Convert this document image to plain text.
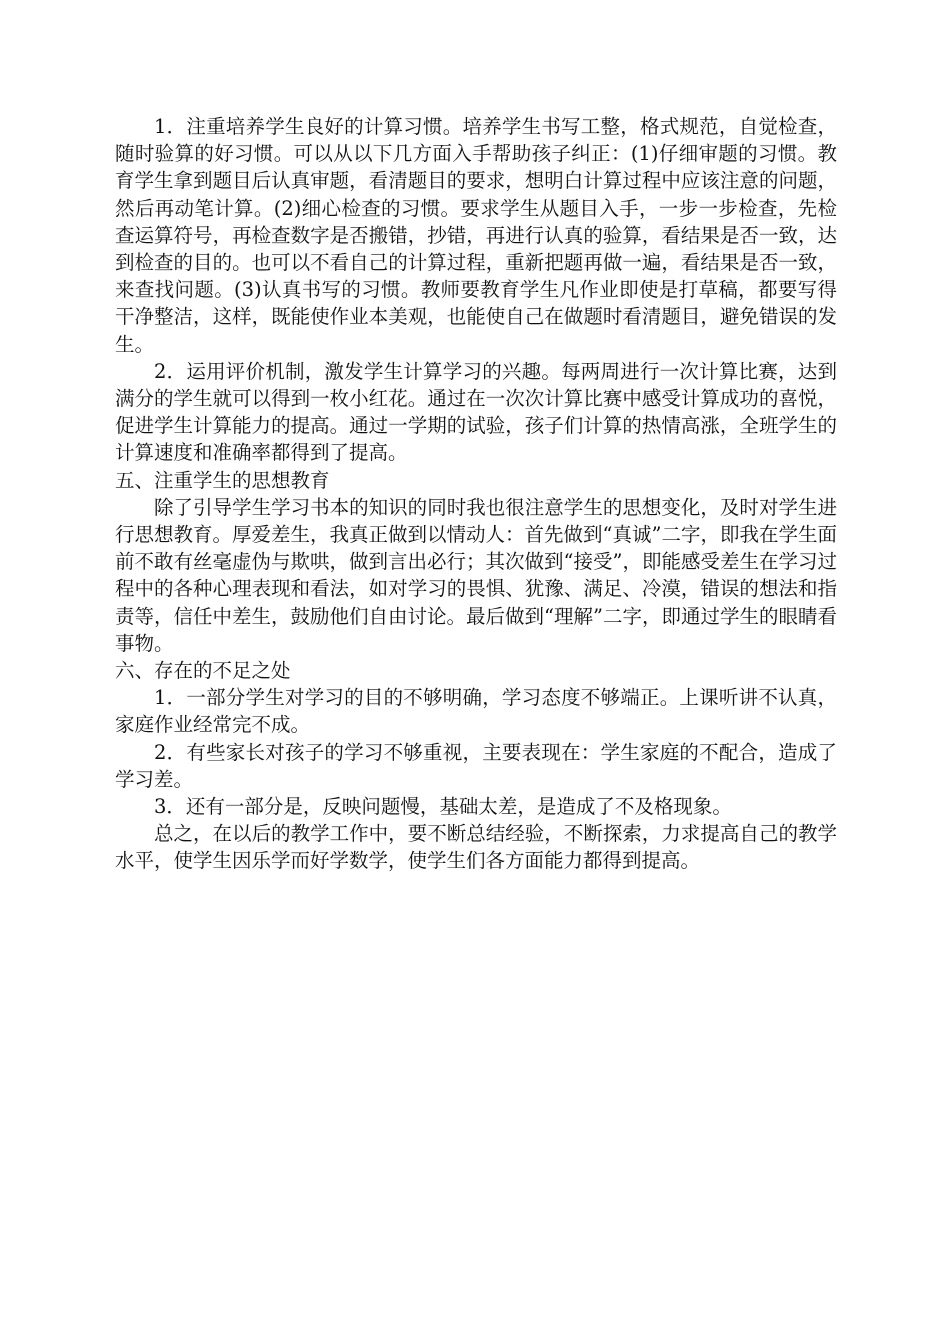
1．注重培养学生良好的计算习惯。培养学生书写工整，格式规范，自觉检查，随时验算的好习惯。可以从以下几方面入手帮助孩子纠正：(1)仔细审题的习惯。教育学生拿到题目后认真审题，看清题目的要求，想明白计算过程中应该注意的问题，然后再动笔计算。(2)细心检查的习惯。要求学生从题目入手，一步一步检查，先检查运算符号，再检查数字是否搬错，抄错，再进行认真的验算，看结果是否一致，达到检查的目的。也可以不看自己的计算过程，重新把题再做一遍，看结果是否一致，来查找问题。(3)认真书写的习惯。教师要教育学生凡作业即使是打草稿，都要写得干净整洁，这样，既能使作业本美观，也能使自己在做题时看清题目，避免错误的发生。

2．运用评价机制，激发学生计算学习的兴趣。每两周进行一次计算比赛，达到满分的学生就可以得到一枚小红花。通过在一次次计算比赛中感受计算成功的喜悦，促进学生计算能力的提高。通过一学期的试验，孩子们计算的热情高涨，全班学生的计算速度和准确率都得到了提高。

五、注重学生的思想教育

除了引导学生学习书本的知识的同时我也很注意学生的思想变化，及时对学生进行思想教育。厚爱差生，我真正做到以情动人：首先做到“真诚”二字，即我在学生面前不敢有丝毫虚伪与欺哄，做到言出必行；其次做到“接受”，即能感受差生在学习过程中的各种心理表现和看法，如对学习的畏惧、犹豫、满足、冷漠，错误的想法和指责等，信任中差生，鼓励他们自由讨论。最后做到“理解”二字，即通过学生的眼睛看事物。

六、存在的不足之处

1．一部分学生对学习的目的不够明确，学习态度不够端正。上课听讲不认真，家庭作业经常完不成。

2．有些家长对孩子的学习不够重视，主要表现在：学生家庭的不配合，造成了学习差。

3．还有一部分是，反映问题慢，基础太差，是造成了不及格现象。

总之，在以后的教学工作中，要不断总结经验，不断探索，力求提高自己的教学水平，使学生因乐学而好学数学，使学生们各方面能力都得到提高。
